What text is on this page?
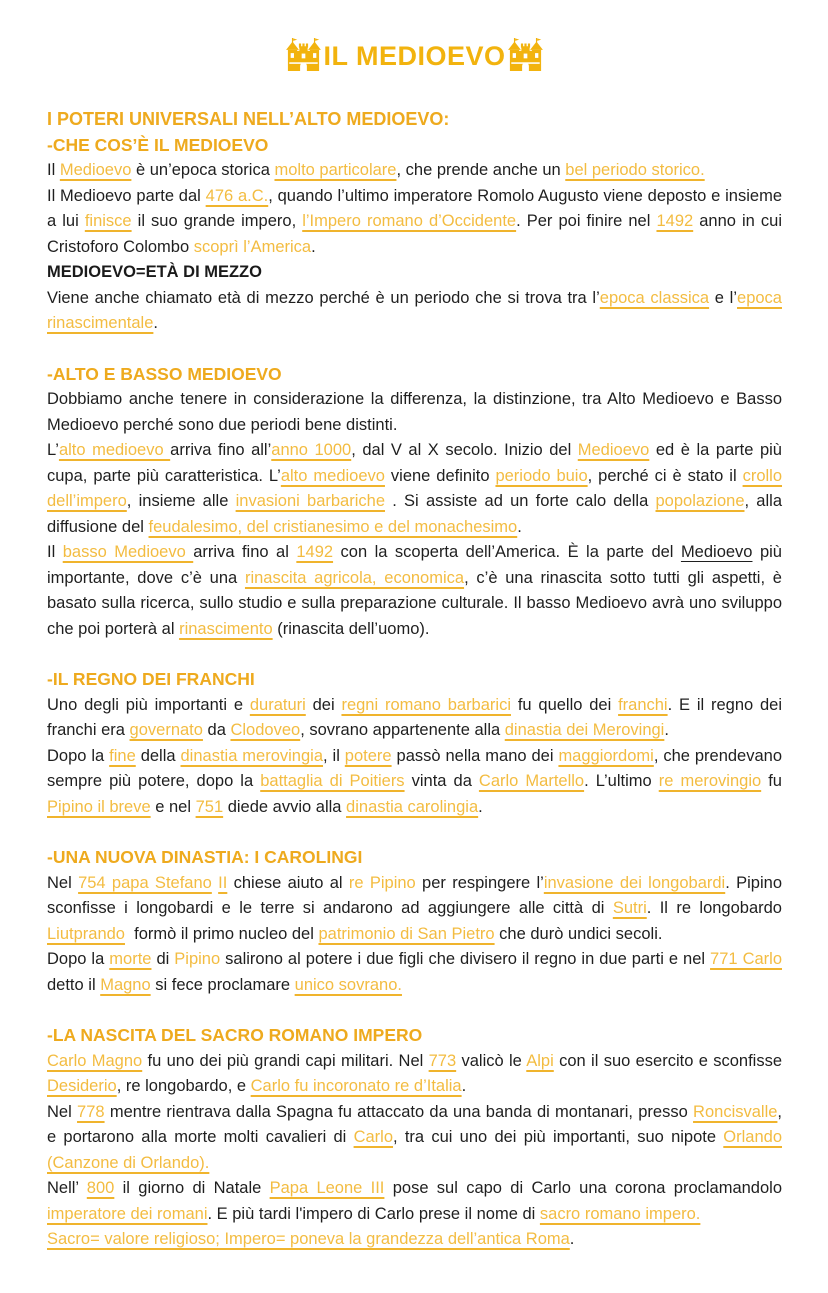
IL MEDIOEVO
I POTERI UNIVERSALI NELL’ALTO MEDIOEVO:
-CHE COS’È IL MEDIOEVO

Il Medioevo è un’epoca storica molto particolare, che prende anche un bel periodo storico.

Il Medioevo parte dal 476 a.C., quando l’ultimo imperatore Romolo Augusto viene deposto e insieme a lui finisce il suo grande impero, l’Impero romano d’Occidente. Per poi finire nel 1492 anno in cui Cristoforo Colombo scoprì l’America.

MEDIOEVO=ETÀ DI MEZZO

Viene anche chiamato età di mezzo perché è un periodo che si trova tra l’epoca classica e l’epoca rinascimentale.

-ALTO E BASSO MEDIOEVO

Dobbiamo anche tenere in considerazione la differenza, la distinzione, tra Alto Medioevo e Basso Medioevo perché sono due periodi bene distinti.

L’alto medioevo arriva fino all’anno 1000, dal V al X secolo. Inizio del Medioevo ed è la parte più cupa, parte più caratteristica. L’alto medioevo viene definito periodo buio, perché ci è stato il crollo dell’impero, insieme alle invasioni barbariche . Si assiste ad un forte calo della popolazione, alla diffusione del feudalesimo, del cristianesimo e del monachesimo.

Il basso Medioevo arriva fino al 1492 con la scoperta dell’America. È la parte del Medioevo più importante, dove c’è una rinascita agricola, economica, c’è una rinascita sotto tutti gli aspetti, è basato sulla ricerca, sullo studio e sulla preparazione culturale. Il basso Medioevo avrà uno sviluppo che poi porterà al rinascimento (rinascita dell’uomo).

-IL REGNO DEI FRANCHI

Uno degli più importanti e duraturi dei regni romano barbarici fu quello dei franchi. E il regno dei franchi era governato da Clodoveo, sovrano appartenente alla dinastia dei Merovingi.

Dopo la fine della dinastia merovingia, il potere passò nella mano dei maggiordomi, che prendevano sempre più potere, dopo la battaglia di Poitiers vinta da Carlo Martello. L’ultimo re merovingio fu Pipino il breve e nel 751 diede avvio alla dinastia carolingia.

-UNA NUOVA DINASTIA: I CAROLINGI

Nel 754 papa Stefano II chiese aiuto al re Pipino per respingere l’invasione dei longobardi. Pipino sconfisse i longobardi e le terre si andarono ad aggiungere alle città di Sutri. Il re longobardo Liutprando  formò il primo nucleo del patrimonio di San Pietro che durò undici secoli.

Dopo la morte di Pipino salirono al potere i due figli che divisero il regno in due parti e nel 771 Carlo detto il Magno si fece proclamare unico sovrano.

-LA NASCITA DEL SACRO ROMANO IMPERO

Carlo Magno fu uno dei più grandi capi militari. Nel 773 valicò le Alpi con il suo esercito e sconfisse Desiderio, re longobardo, e Carlo fu incoronato re d’Italia.

Nel 778 mentre rientrava dalla Spagna fu attaccato da una banda di montanari, presso Roncisvalle, e portarono alla morte molti cavalieri di Carlo, tra cui uno dei più importanti, suo nipote Orlando (Canzone di Orlando).

Nell’ 800 il giorno di Natale Papa Leone III pose sul capo di Carlo una corona proclamandolo imperatore dei romani. E più tardi l'impero di Carlo prese il nome di sacro romano impero.

Sacro= valore religioso; Impero= poneva la grandezza dell’antica Roma.
